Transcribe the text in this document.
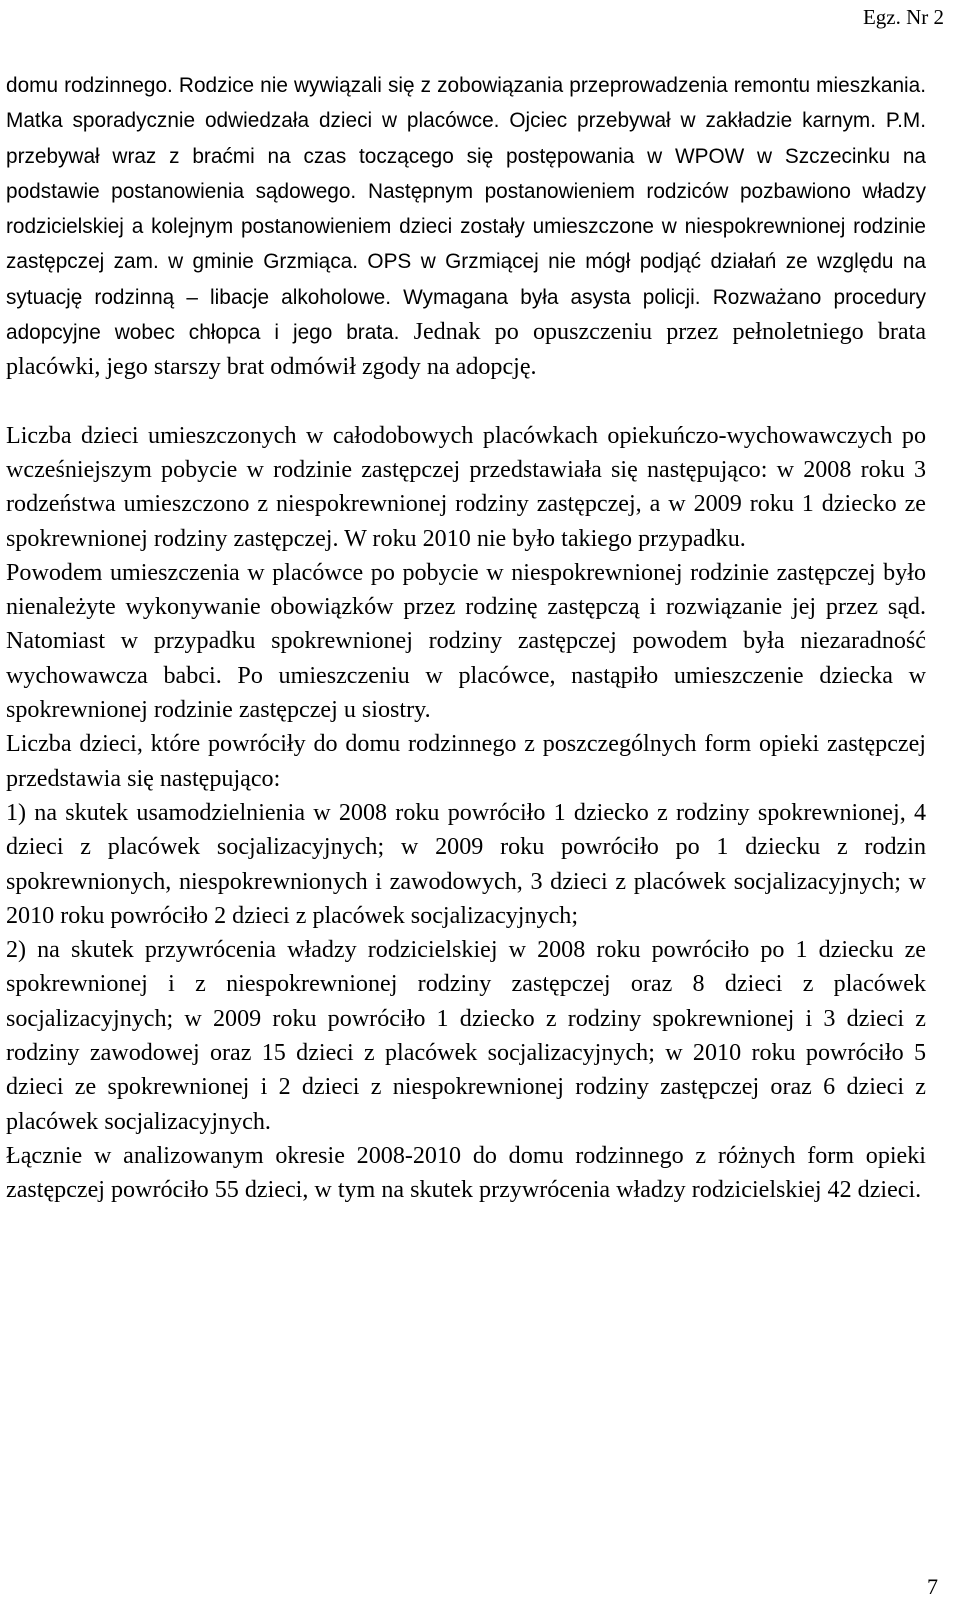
Egz. Nr 2

domu rodzinnego. Rodzice nie wywiązali się z zobowiązania przeprowadzenia remontu mieszkania. Matka sporadycznie odwiedzała dzieci w placówce. Ojciec przebywał w zakładzie karnym. P.M. przebywał wraz z braćmi na czas toczącego się postępowania w WPOW w Szczecinku na podstawie postanowienia sądowego. Następnym postanowieniem rodziców pozbawiono władzy rodzicielskiej a kolejnym postanowieniem dzieci zostały umieszczone w niespokrewnionej rodzinie zastępczej zam. w gminie Grzmiąca. OPS w Grzmiącej nie mógł podjąć działań ze względu na sytuację rodzinną – libacje alkoholowe. Wymagana była asysta policji. Rozważano procedury adopcyjne wobec chłopca i jego brata. Jednak po opuszczeniu przez pełnoletniego brata placówki, jego starszy brat odmówił zgody na adopcję.

Liczba dzieci umieszczonych w całodobowych placówkach opiekuńczo-wychowawczych po wcześniejszym pobycie w rodzinie zastępczej przedstawiała się następująco: w 2008 roku 3 rodzeństwa umieszczono z niespokrewnionej rodziny zastępczej, a w 2009 roku 1 dziecko ze spokrewnionej rodziny zastępczej. W roku 2010 nie było takiego przypadku.

Powodem umieszczenia w placówce po pobycie w niespokrewnionej rodzinie zastępczej było nienależyte wykonywanie obowiązków przez rodzinę zastępczą i rozwiązanie jej przez sąd. Natomiast w przypadku spokrewnionej rodziny zastępczej powodem była niezaradność wychowawcza babci. Po umieszczeniu w placówce, nastąpiło umieszczenie dziecka w spokrewnionej rodzinie zastępczej u siostry.

Liczba dzieci, które powróciły do domu rodzinnego z poszczególnych form opieki zastępczej przedstawia się następująco:

1) na skutek usamodzielnienia w 2008 roku powróciło 1 dziecko z rodziny spokrewnionej, 4 dzieci z placówek socjalizacyjnych; w 2009 roku powróciło po 1 dziecku z rodzin spokrewnionych, niespokrewnionych i zawodowych, 3 dzieci z placówek socjalizacyjnych; w 2010 roku powróciło 2 dzieci z placówek socjalizacyjnych;

2) na skutek przywrócenia władzy rodzicielskiej w 2008 roku powróciło po 1 dziecku ze spokrewnionej i z niespokrewnionej rodziny zastępczej oraz 8 dzieci z placówek socjalizacyjnych; w 2009 roku powróciło 1 dziecko z rodziny spokrewnionej i 3 dzieci z rodziny zawodowej oraz 15 dzieci z placówek socjalizacyjnych; w 2010 roku powróciło 5 dzieci ze spokrewnionej i 2 dzieci z niespokrewnionej rodziny zastępczej oraz 6 dzieci z placówek socjalizacyjnych.

Łącznie w analizowanym okresie 2008-2010 do domu rodzinnego z różnych form opieki zastępczej powróciło 55 dzieci, w tym na skutek przywrócenia władzy rodzicielskiej 42 dzieci.

7
